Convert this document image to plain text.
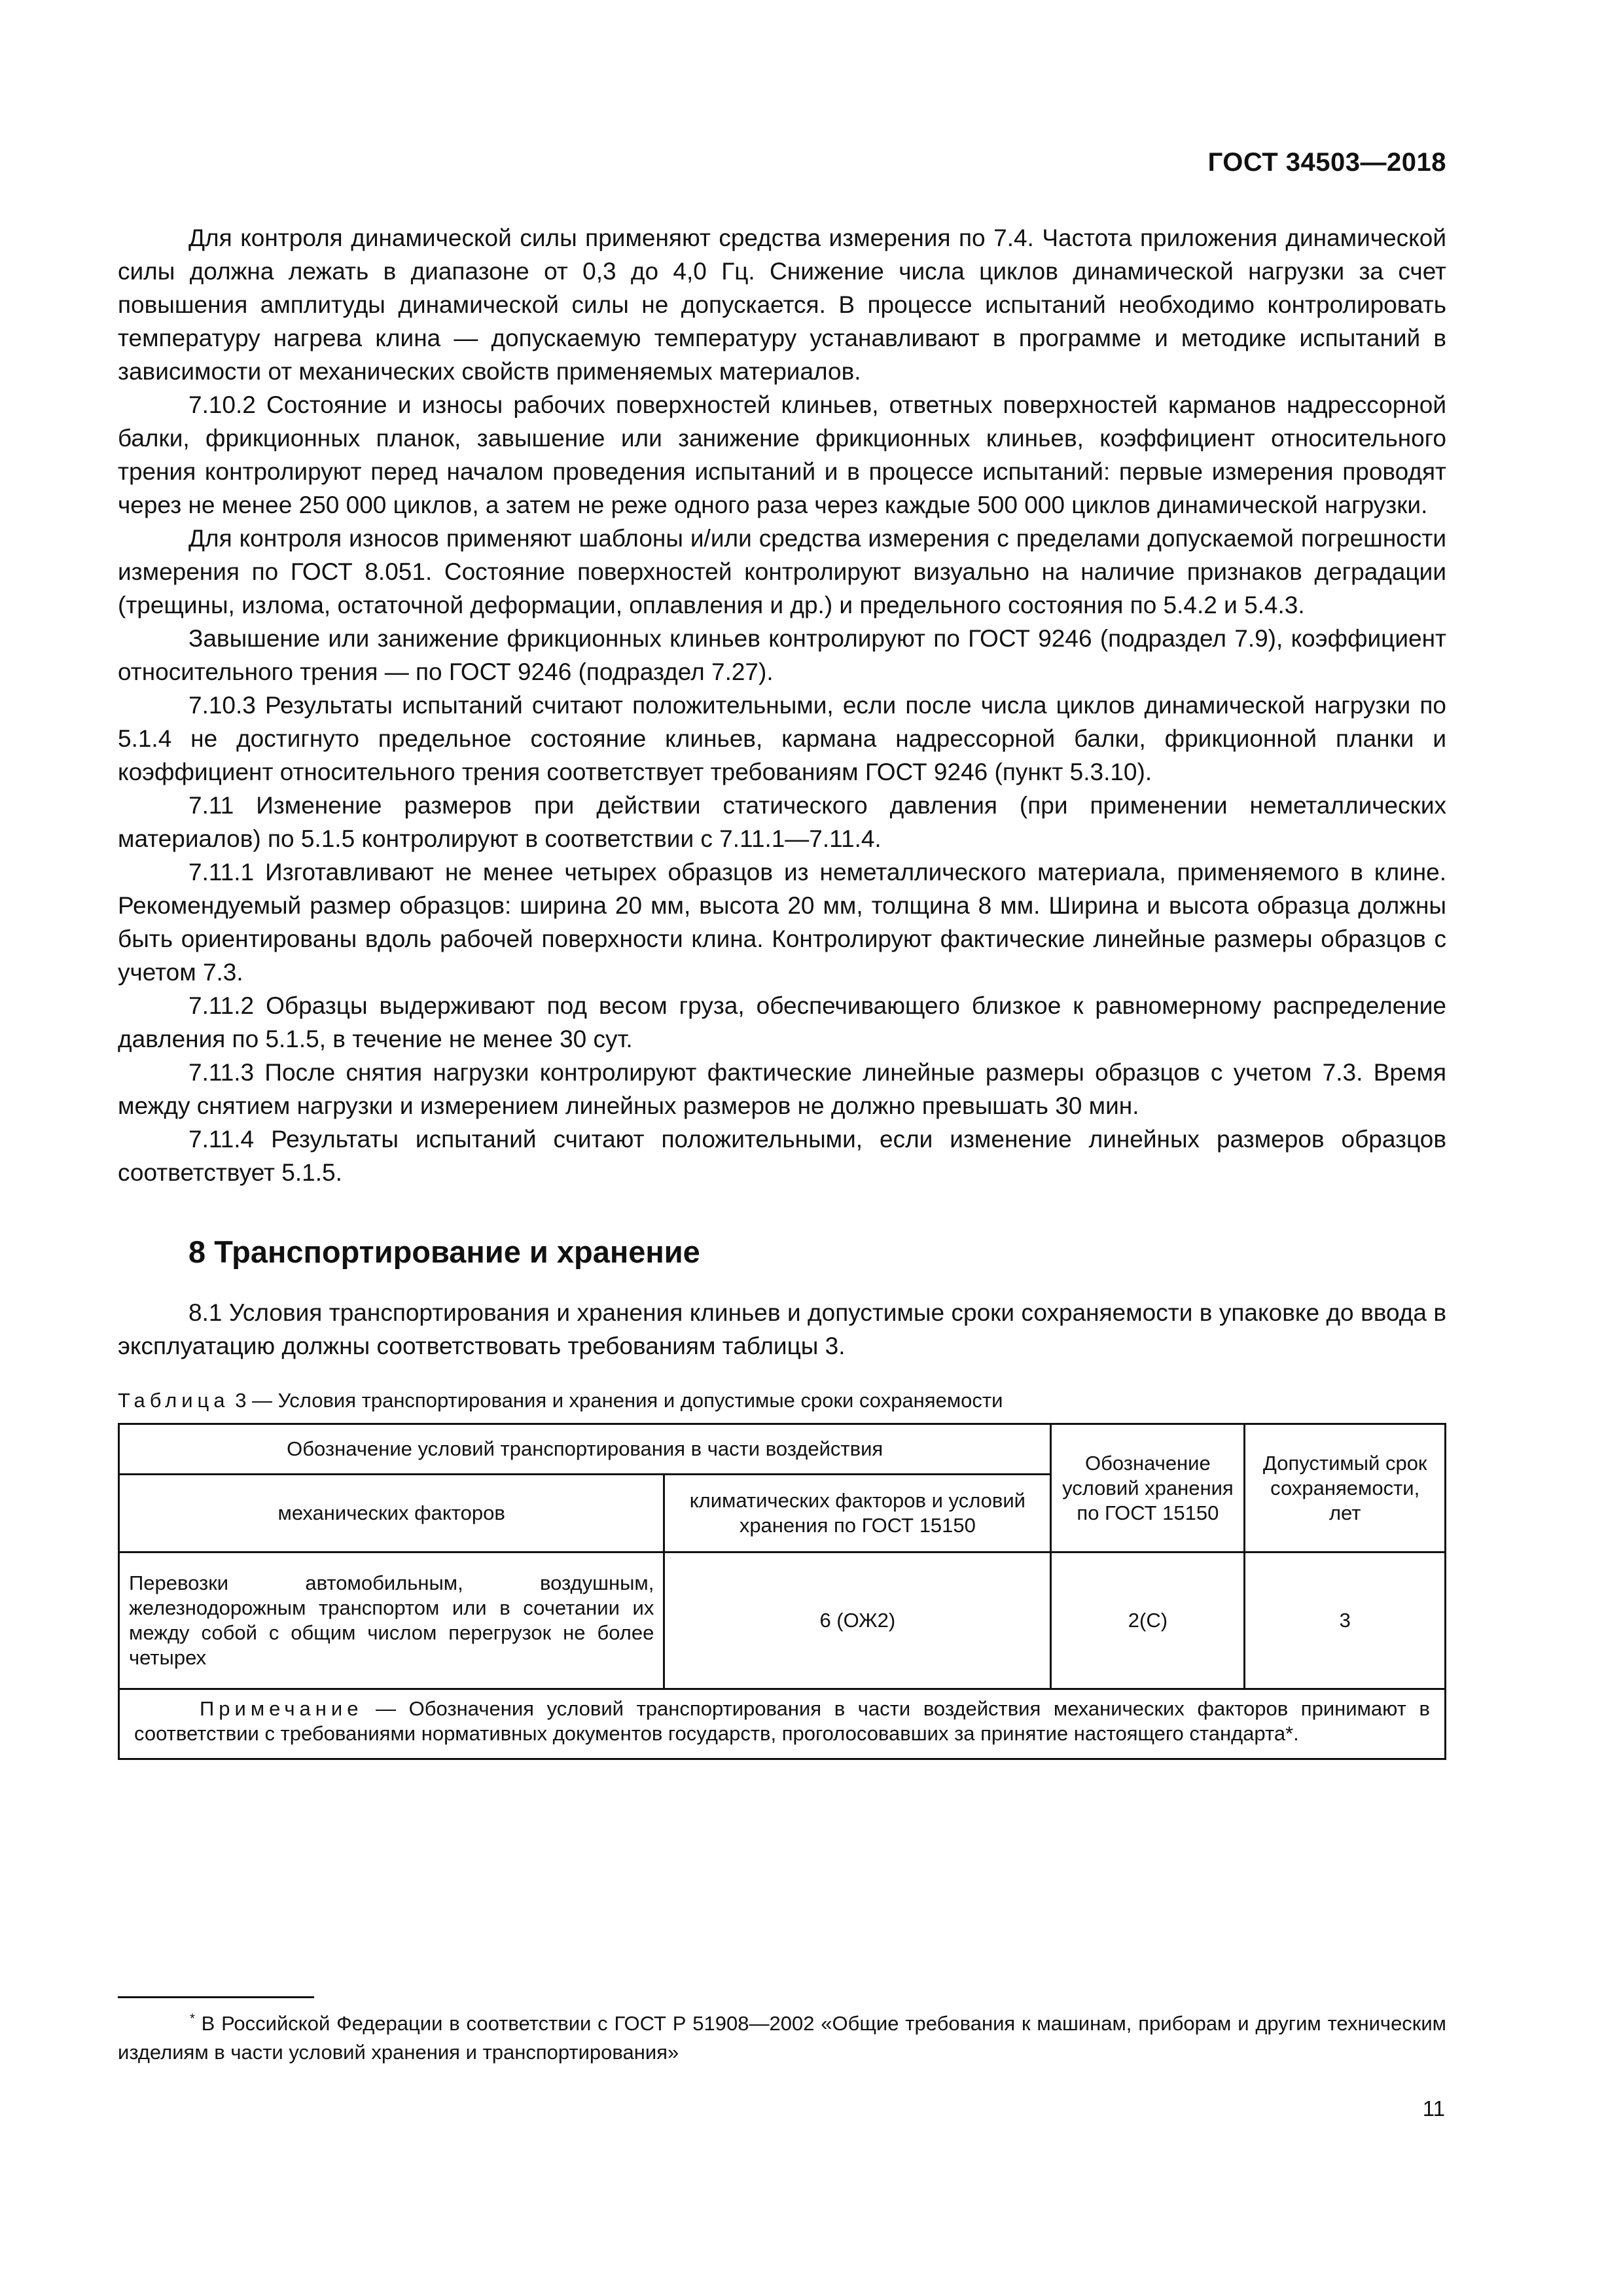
ГОСТ 34503—2018

Для контроля динамической силы применяют средства измерения по 7.4. Частота приложения динамической силы должна лежать в диапазоне от 0,3 до 4,0 Гц. Снижение числа циклов динамической нагрузки за счет повышения амплитуды динамической силы не допускается. В процессе испытаний необходимо контролировать температуру нагрева клина — допускаемую температуру устанавливают в программе и методике испытаний в зависимости от механических свойств применяемых материалов.

7.10.2 Состояние и износы рабочих поверхностей клиньев, ответных поверхностей карманов надрессорной балки, фрикционных планок, завышение или занижение фрикционных клиньев, коэффициент относительного трения контролируют перед началом проведения испытаний и в процессе испытаний: первые измерения проводят через не менее 250 000 циклов, а затем не реже одного раза через каждые 500 000 циклов динамической нагрузки.

Для контроля износов применяют шаблоны и/или средства измерения с пределами допускаемой погрешности измерения по ГОСТ 8.051. Состояние поверхностей контролируют визуально на наличие признаков деградации (трещины, излома, остаточной деформации, оплавления и др.) и предельного состояния по 5.4.2 и 5.4.3.

Завышение или занижение фрикционных клиньев контролируют по ГОСТ 9246 (подраздел 7.9), коэффициент относительного трения — по ГОСТ 9246 (подраздел 7.27).

7.10.3 Результаты испытаний считают положительными, если после числа циклов динамической нагрузки по 5.1.4 не достигнуто предельное состояние клиньев, кармана надрессорной балки, фрикционной планки и коэффициент относительного трения соответствует требованиям ГОСТ 9246 (пункт 5.3.10).

7.11 Изменение размеров при действии статического давления (при применении неметаллических материалов) по 5.1.5 контролируют в соответствии с 7.11.1—7.11.4.

7.11.1 Изготавливают не менее четырех образцов из неметаллического материала, применяемого в клине. Рекомендуемый размер образцов: ширина 20 мм, высота 20 мм, толщина 8 мм. Ширина и высота образца должны быть ориентированы вдоль рабочей поверхности клина. Контролируют фактические линейные размеры образцов с учетом 7.3.

7.11.2 Образцы выдерживают под весом груза, обеспечивающего близкое к равномерному распределение давления по 5.1.5, в течение не менее 30 сут.

7.11.3 После снятия нагрузки контролируют фактические линейные размеры образцов с учетом 7.3. Время между снятием нагрузки и измерением линейных размеров не должно превышать 30 мин.

7.11.4 Результаты испытаний считают положительными, если изменение линейных размеров образцов соответствует 5.1.5.

8 Транспортирование и хранение

8.1 Условия транспортирования и хранения клиньев и допустимые сроки сохраняемости в упаковке до ввода в эксплуатацию должны соответствовать требованиям таблицы 3.

Таблица 3 — Условия транспортирования и хранения и допустимые сроки сохраняемости
Обозначение условий транспортирования в части воздействия		Обозначение условий хранения по ГОСТ 15150	Допустимый срок сохраняемости, лет
механических факторов	климатических факторов и условий хранения по ГОСТ 15150		
Перевозки автомобильным, воздушным, железнодорожным транспортом или в сочетании их между собой с общим числом перегрузок не более четырех	6 (ОЖ2)	2(С)	3
Примечание — Обозначения условий транспортирования в части воздействия механических факторов принимают в соответствии с требованиями нормативных документов государств, проголосовавших за принятие настоящего стандарта*.			
* В Российской Федерации в соответствии с ГОСТ Р 51908—2002 «Общие требования к машинам, приборам и другим техническим изделиям в части условий хранения и транспортирования»
11
